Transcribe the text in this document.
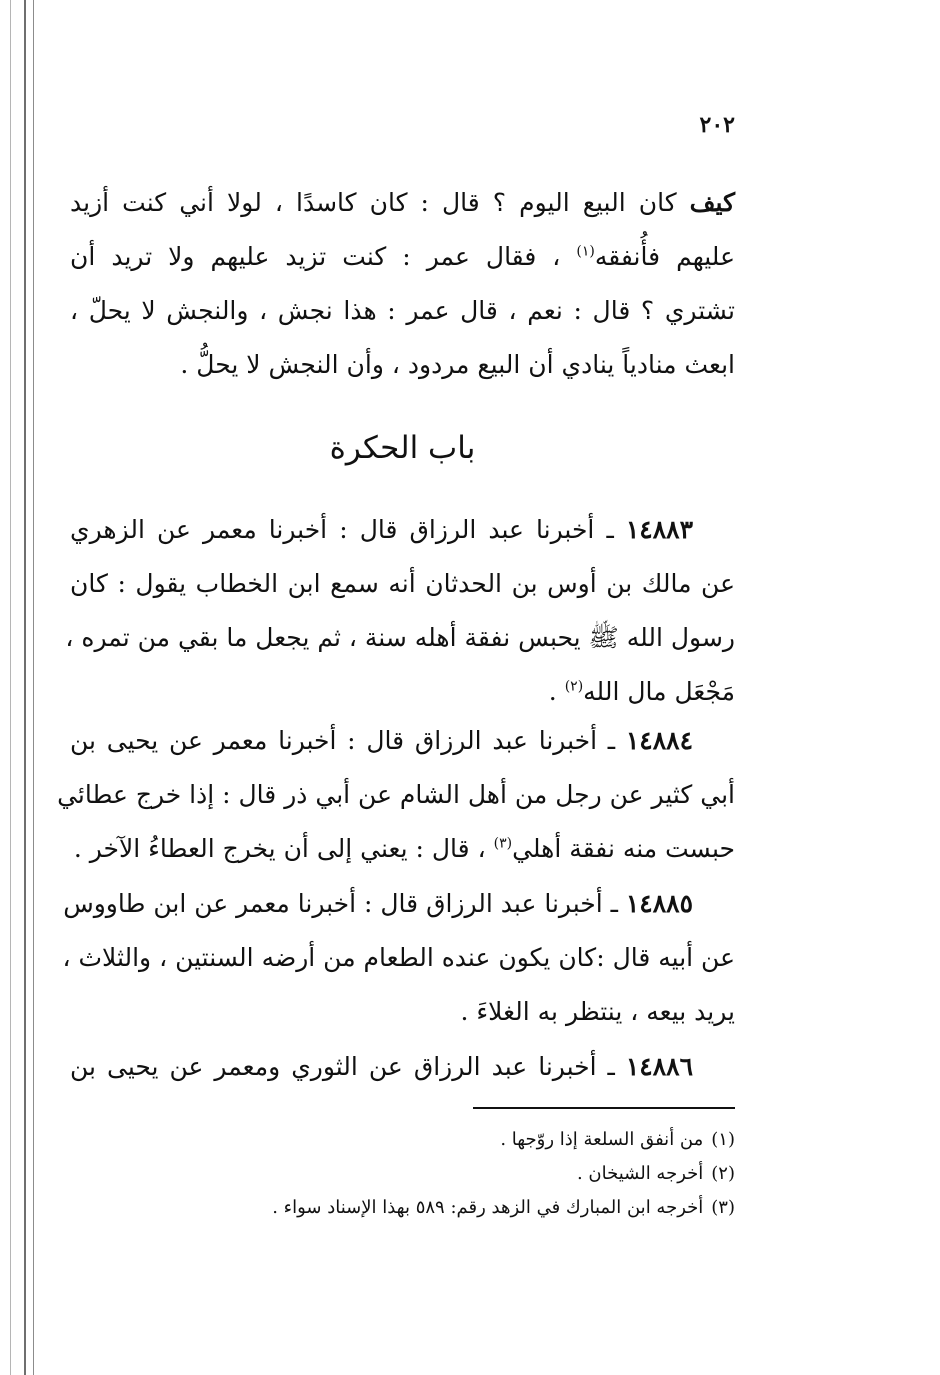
٢٠٢
كيف كان البيع اليوم ؟ قال : كان كاسدًا ، لولا أني كنت أزيد
عليهم فأُنفقه$^{(١)}$ ، فقال عمر : كنت تزيد عليهم ولا تريد أن
تشتري ؟ قال : نعم ، قال عمر : هذا نجش ، والنجش لا يحلّ ،
ابعث منادياً ينادي أن البيع مردود ، وأن النجش لا يحلُّ .
باب الحكرة
١٤٨٨٣ ـ أخبرنا عبد الرزاق قال : أخبرنا معمر عن الزهري
عن مالك بن أوس بن الحدثان أنه سمع ابن الخطاب يقول : كان
رسول الله ﷺ يحبس نفقة أهله سنة ، ثم يجعل ما بقي من تمره ،
مَجْعَل مال الله$^{(٢)}$ .
١٤٨٨٤ ـ أخبرنا عبد الرزاق قال : أخبرنا معمر عن يحيى بن
أبي كثير عن رجل من أهل الشام عن أبي ذر قال : إذا خرج عطائي
حبست منه نفقة أهلي$^{(٣)}$ ، قال : يعني إلى أن يخرج العطاءُ الآخر .
١٤٨٨٥ ـ أخبرنا عبد الرزاق قال : أخبرنا معمر عن ابن طاووس
عن أبيه قال :كان يكون عنده الطعام من أرضه السنتين ، والثلاث ،
يريد بيعه ، ينتظر به الغلاءَ .
١٤٨٨٦ ـ أخبرنا عبد الرزاق عن الثوري ومعمر عن يحيى بن
(١)من أنفق السلعة إذا روّجها .
(٢)أخرجه الشيخان .
(٣)أخرجه ابن المبارك في الزهد رقم: ٥٨٩ بهذا الإسناد سواء .
